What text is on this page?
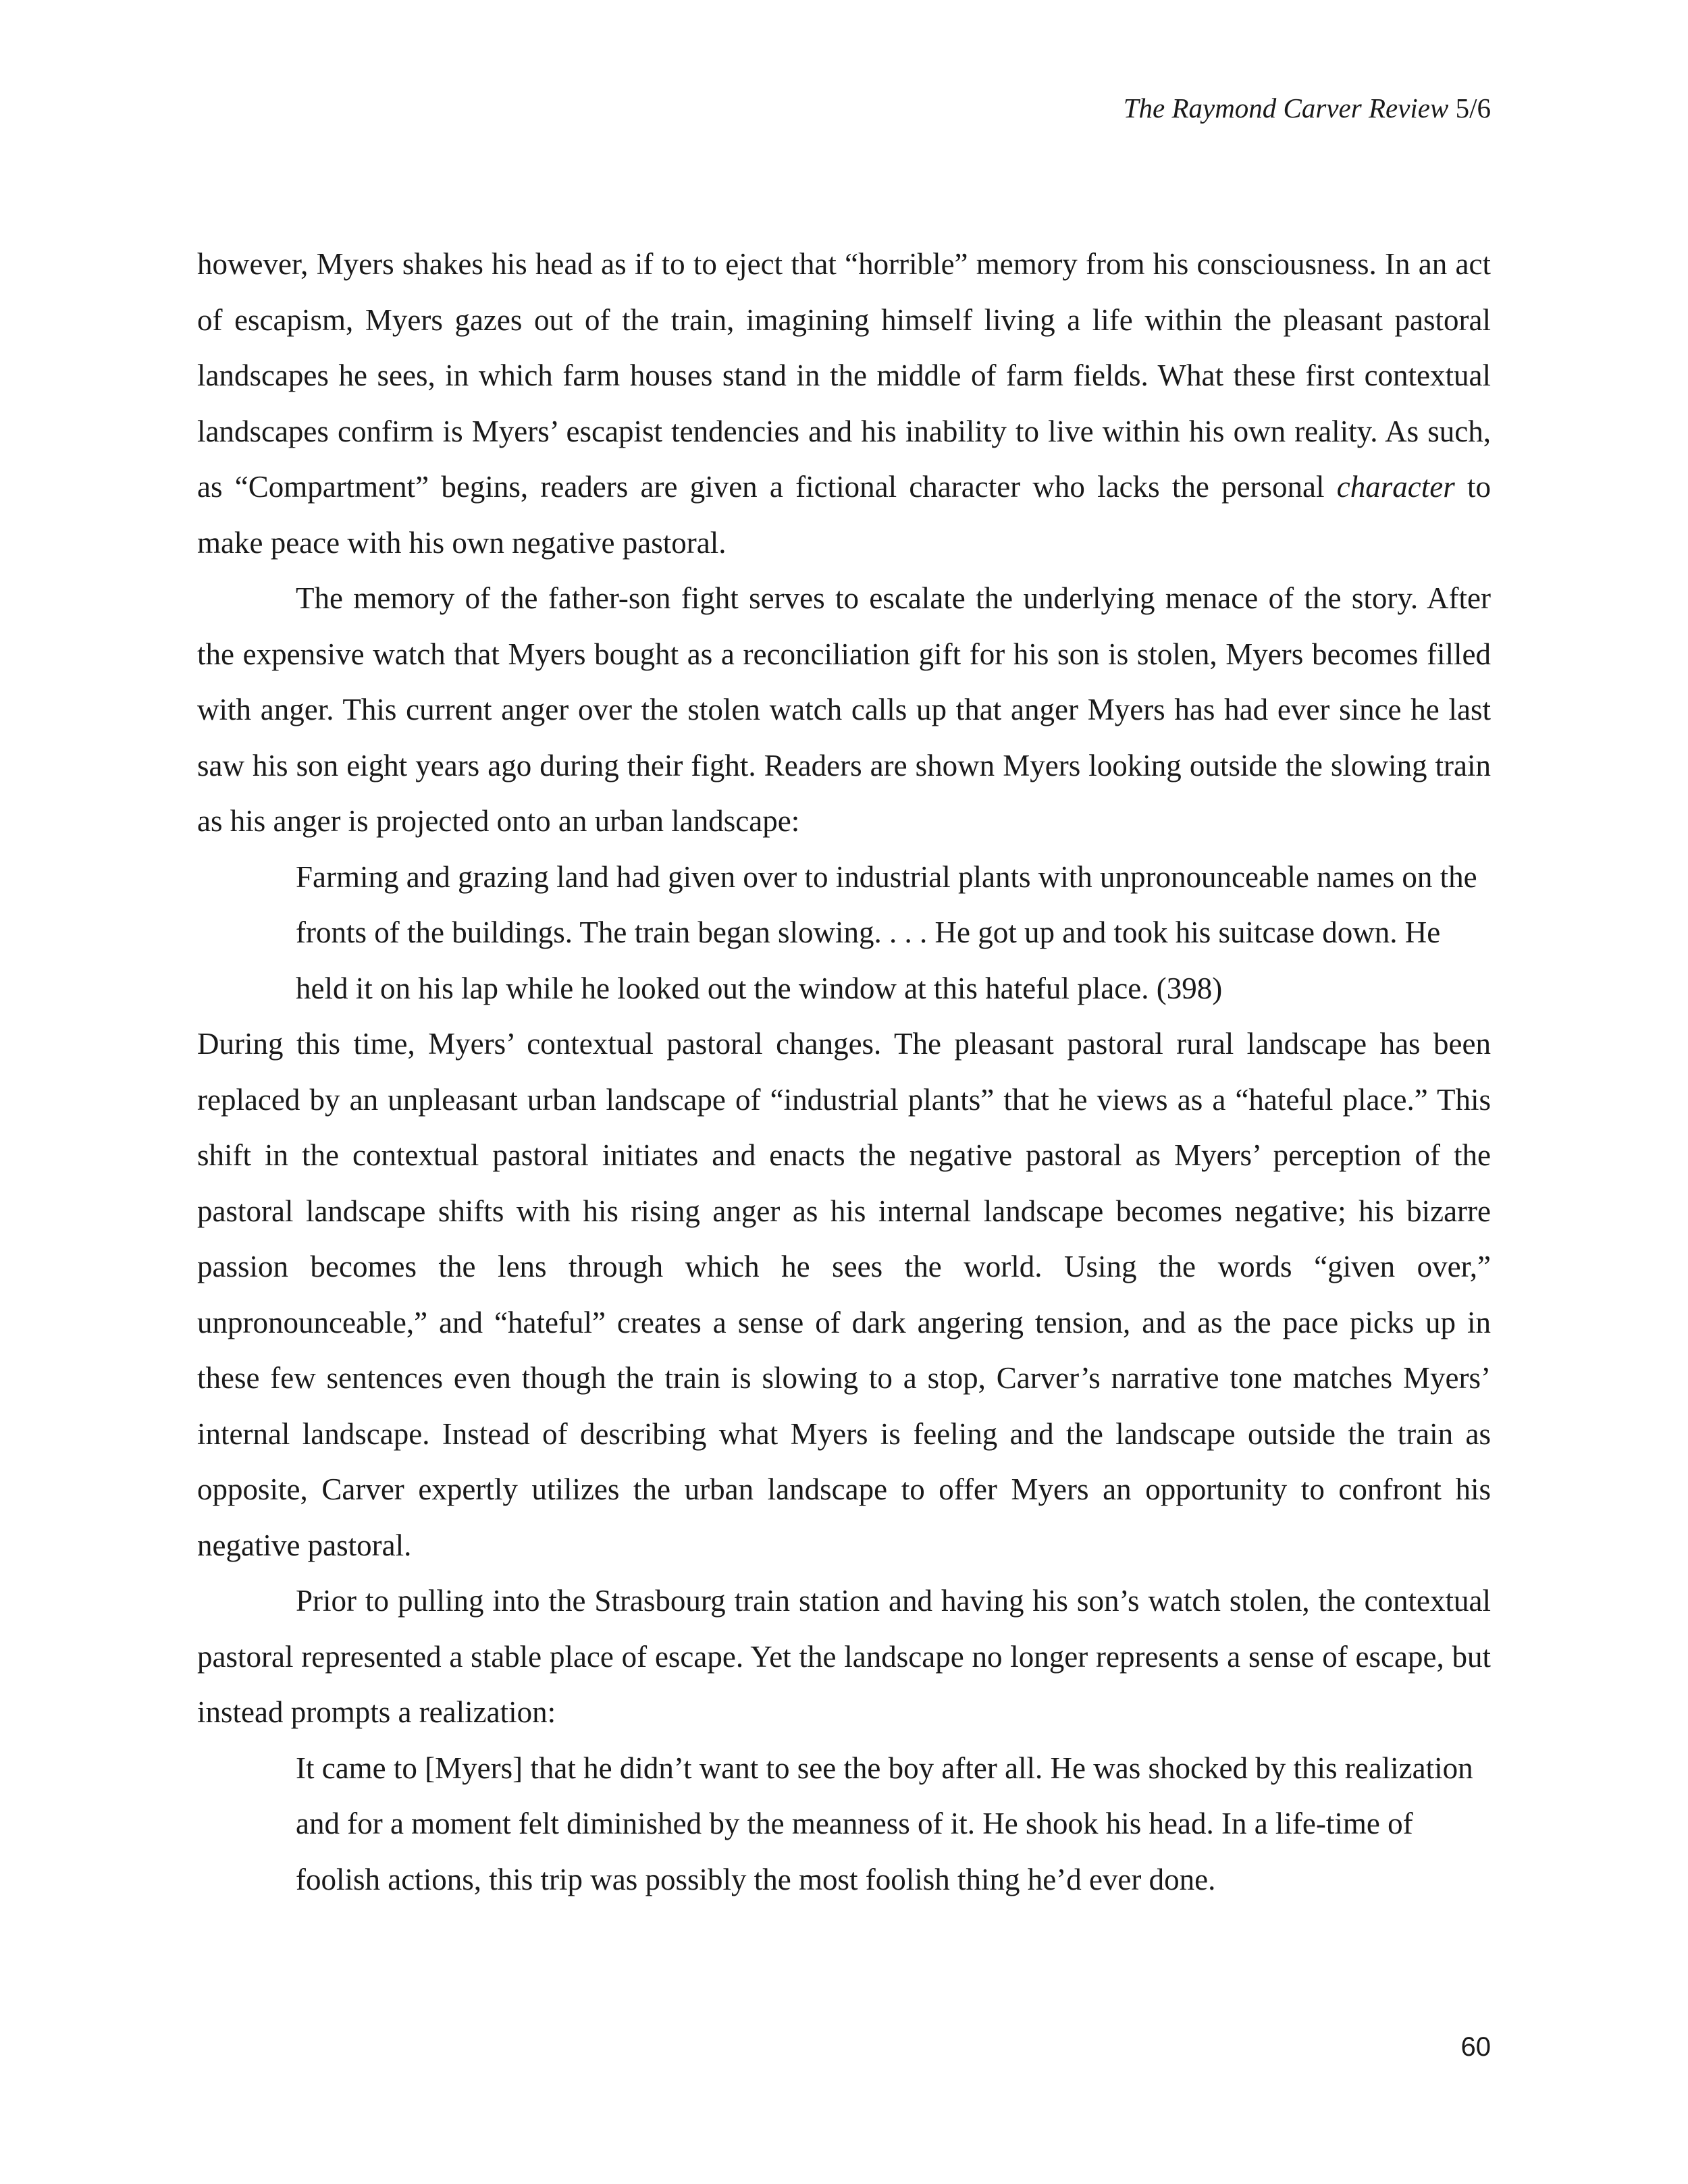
The Raymond Carver Review 5/6

however, Myers shakes his head as if to to eject that “horrible” memory from his consciousness. In an act of escapism, Myers gazes out of the train, imagining himself living a life within the pleasant pastoral landscapes he sees, in which farm houses stand in the middle of farm fields. What these first contextual landscapes confirm is Myers’ escapist tendencies and his inability to live within his own reality. As such, as “Compartment” begins, readers are given a fictional character who lacks the personal character to make peace with his own negative pastoral.

The memory of the father-son fight serves to escalate the underlying menace of the story. After the expensive watch that Myers bought as a reconciliation gift for his son is stolen, Myers becomes filled with anger. This current anger over the stolen watch calls up that anger Myers has had ever since he last saw his son eight years ago during their fight. Readers are shown Myers looking outside the slowing train as his anger is projected onto an urban landscape:

Farming and grazing land had given over to industrial plants with unpronounceable names on the fronts of the buildings. The train began slowing. . . . He got up and took his suitcase down. He held it on his lap while he looked out the window at this hateful place. (398)

During this time, Myers’ contextual pastoral changes. The pleasant pastoral rural landscape has been replaced by an unpleasant urban landscape of “industrial plants” that he views as a “hateful place.” This shift in the contextual pastoral initiates and enacts the negative pastoral as Myers’ perception of the pastoral landscape shifts with his rising anger as his internal landscape becomes negative; his bizarre passion becomes the lens through which he sees the world. Using the words “given over,” unpronounceable,” and “hateful” creates a sense of dark angering tension, and as the pace picks up in these few sentences even though the train is slowing to a stop, Carver’s narrative tone matches Myers’ internal landscape. Instead of describing what Myers is feeling and the landscape outside the train as opposite, Carver expertly utilizes the urban landscape to offer Myers an opportunity to confront his negative pastoral.

Prior to pulling into the Strasbourg train station and having his son’s watch stolen, the contextual pastoral represented a stable place of escape. Yet the landscape no longer represents a sense of escape, but instead prompts a realization:

It came to [Myers] that he didn’t want to see the boy after all. He was shocked by this realization and for a moment felt diminished by the meanness of it. He shook his head. In a life-time of foolish actions, this trip was possibly the most foolish thing he’d ever done.

60
